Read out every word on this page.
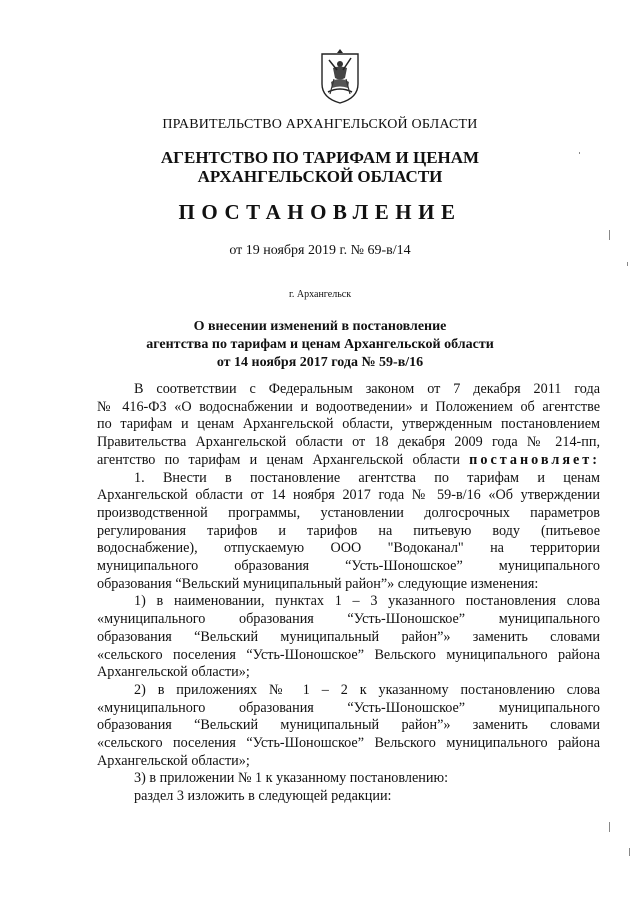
ПРАВИТЕЛЬСТВО АРХАНГЕЛЬСКОЙ ОБЛАСТИ
АГЕНТСТВО ПО ТАРИФАМ И ЦЕНАМ
АРХАНГЕЛЬСКОЙ ОБЛАСТИ
ПОСТАНОВЛЕНИЕ
от 19 ноября 2019 г. № 69-в/14
г. Архангельск
О внесении изменений в постановление
агентства по тарифам и ценам Архангельской области
от 14 ноября 2017 года № 59-в/16

В соответствии с Федеральным законом от 7 декабря 2011 года

№ 416-ФЗ «О водоснабжении и водоотведении» и Положением об агентстве

по тарифам и ценам Архангельской области, утвержденным постановлением

Правительства Архангельской области от 18 декабря 2009 года № 214-пп,

агентство по тарифам и ценам Архангельской области постановляет:

1. Внести в постановление агентства по тарифам и ценам

Архангельской области от 14 ноября 2017 года № 59-в/16 «Об утверждении

производственной программы, установлении долгосрочных параметров

регулирования тарифов и тарифов на питьевую воду (питьевое

водоснабжение), отпускаемую ООО "Водоканал" на территории

муниципального образования “Усть-Шоношское” муниципального

образования “Вельский муниципальный район”» следующие изменения:

1) в наименовании, пунктах 1 – 3 указанного постановления слова

«муниципального образования “Усть-Шоношское” муниципального

образования “Вельский муниципальный район”» заменить словами

«сельского поселения “Усть-Шоношское” Вельского муниципального района

Архангельской области»;

2) в приложениях № 1 – 2 к указанному постановлению слова

«муниципального образования “Усть-Шоношское” муниципального

образования “Вельский муниципальный район”» заменить словами

«сельского поселения “Усть-Шоношское” Вельского муниципального района

Архангельской области»;

3) в приложении № 1 к указанному постановлению:

раздел 3 изложить в следующей редакции:
